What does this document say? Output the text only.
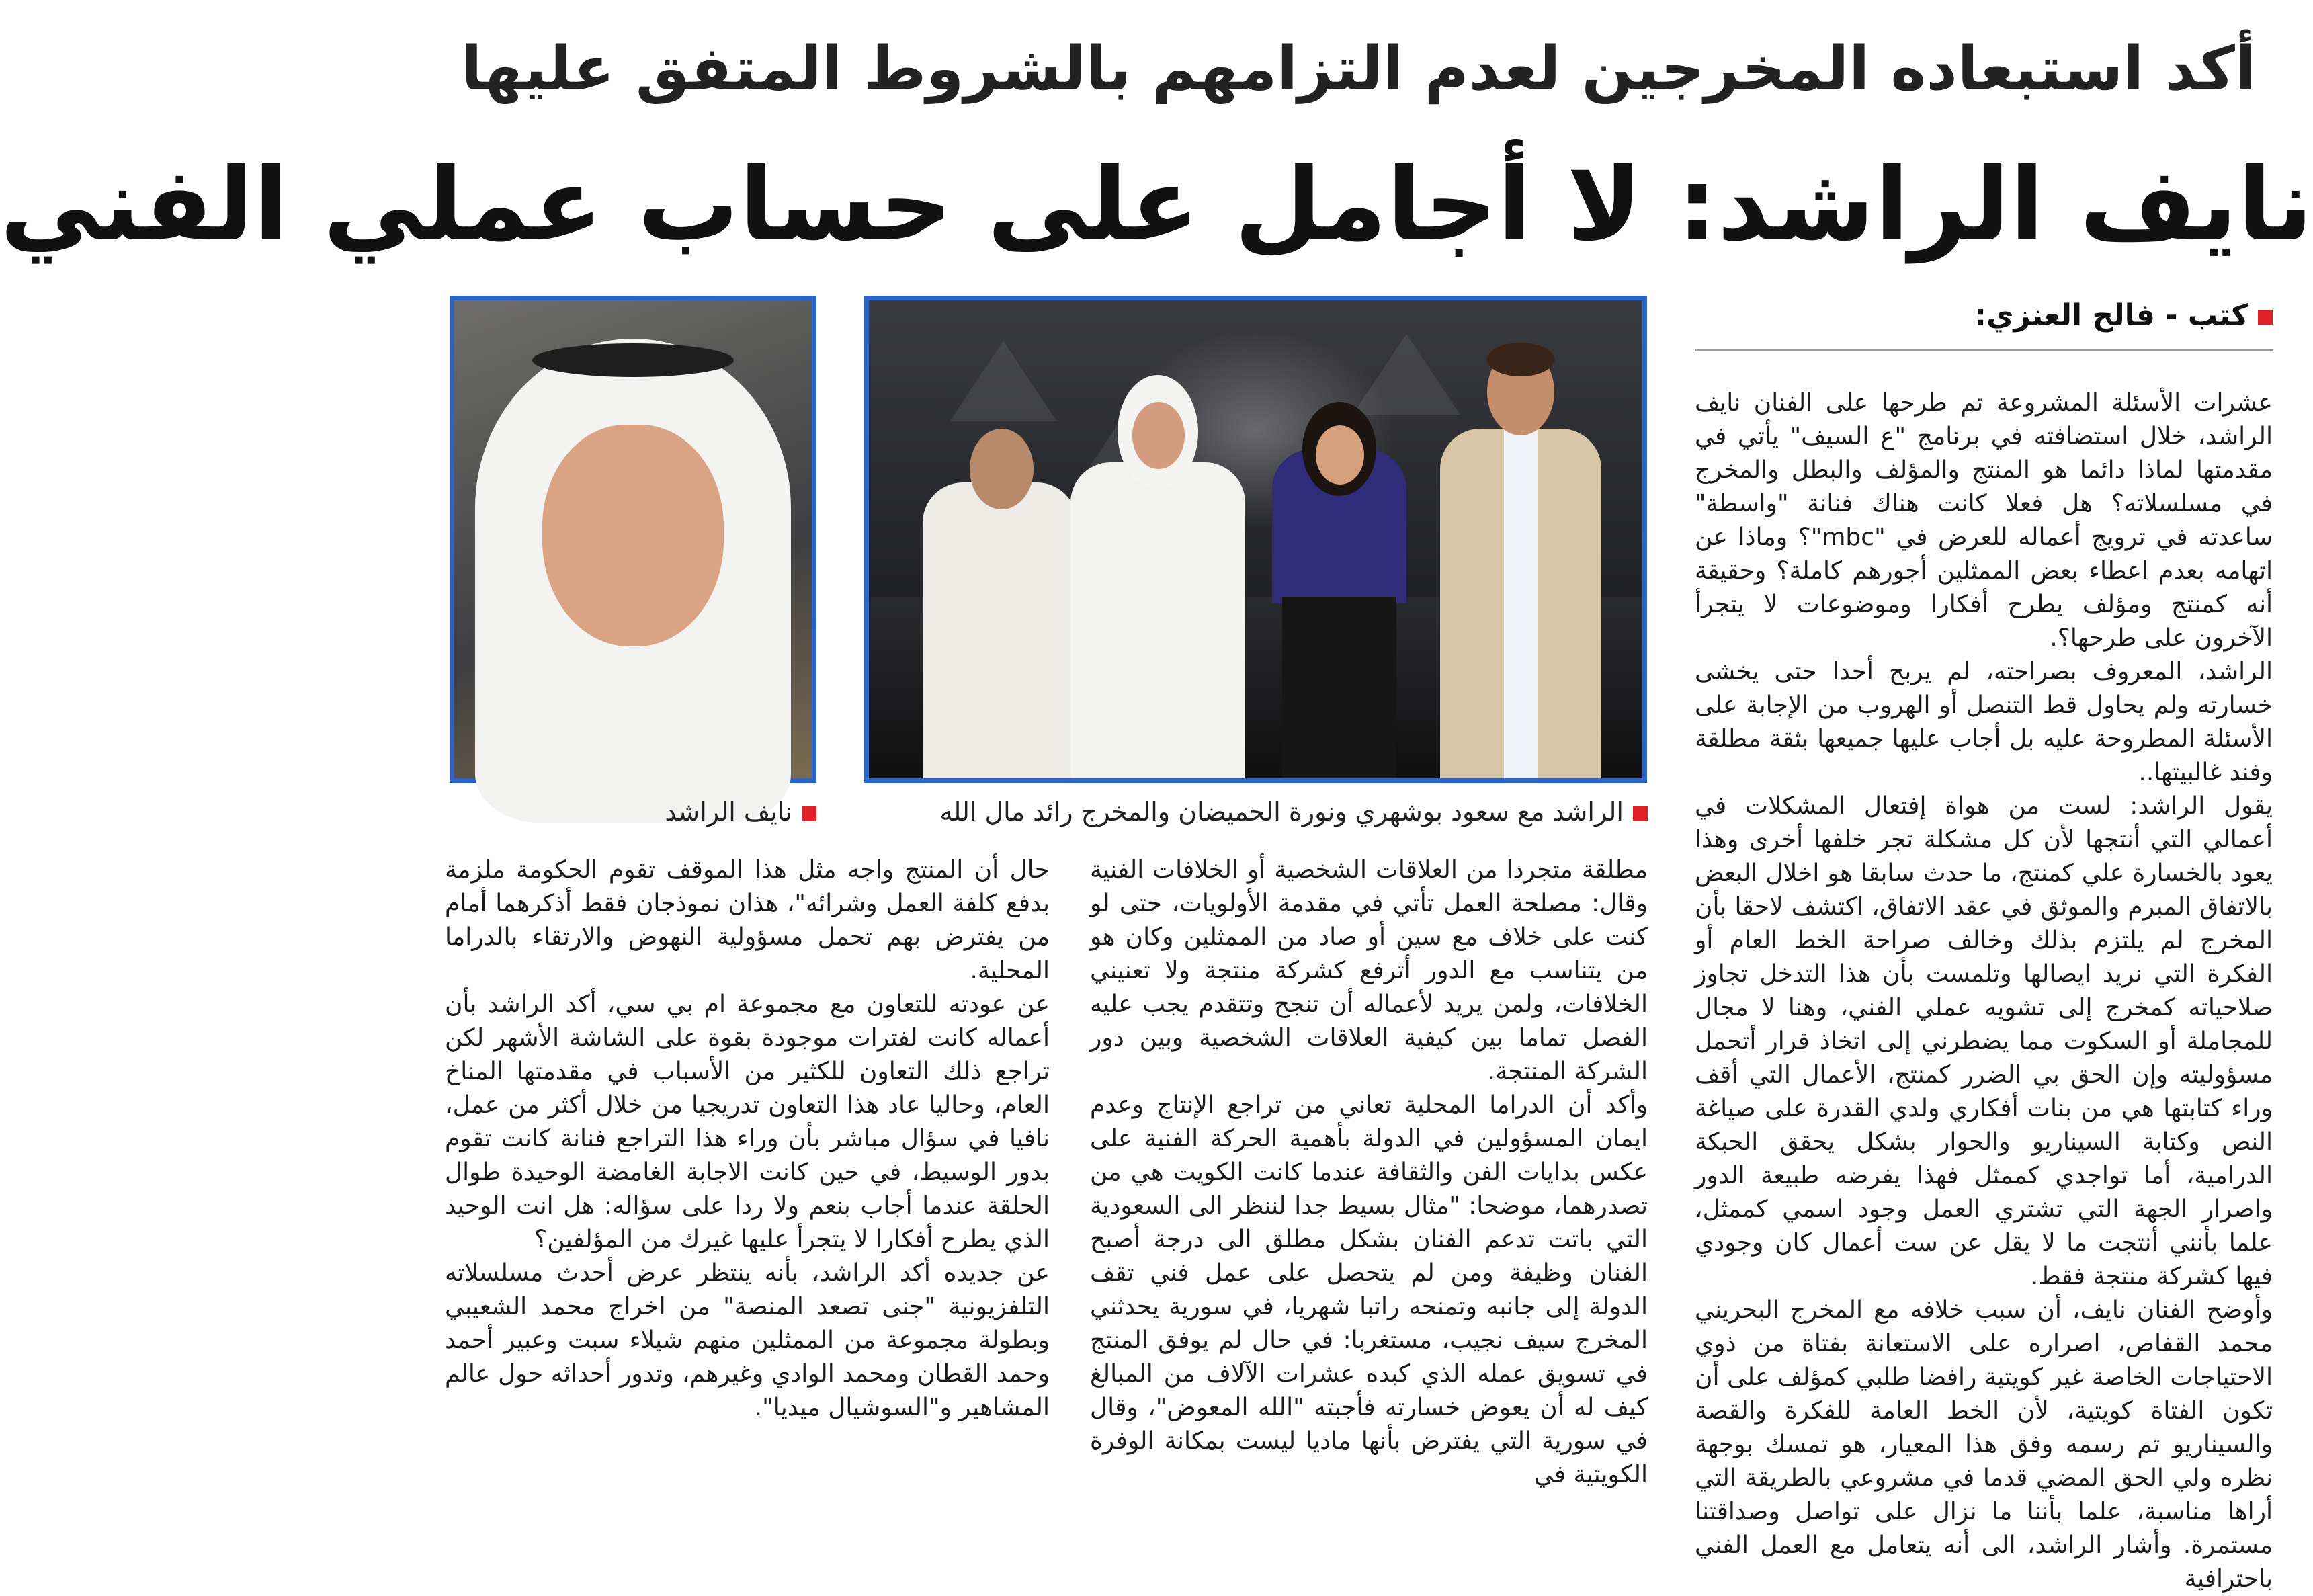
أكد استبعاده المخرجين لعدم التزامهم بالشروط المتفق عليها
نايف الراشد: لا أجامل على حساب عملي الفني
كتب - فالح العنزي:
الراشد مع سعود بوشهري ونورة الحميضان والمخرج رائد مال الله
نايف الراشد

عشرات الأسئلة المشروعة تم طرحها على الفنان نايف الراشد، خلال استضافته في برنامج "ع السيف" يأتي في مقدمتها لماذا دائما هو المنتج والمؤلف والبطل والمخرج في مسلسلاته؟ هل فعلا كانت هناك فنانة "واسطة" ساعدته في ترويج أعماله للعرض في "mbc"؟ وماذا عن اتهامه بعدم اعطاء بعض الممثلين أجورهم كاملة؟ وحقيقة أنه كمنتج ومؤلف يطرح أفكارا وموضوعات لا يتجرأ الآخرون على طرحها؟.

الراشد، المعروف بصراحته، لم يربح أحدا حتى يخشى خسارته ولم يحاول قط التنصل أو الهروب من الإجابة على الأسئلة المطروحة عليه بل أجاب عليها جميعها بثقة مطلقة وفند غالبيتها..

يقول الراشد: لست من هواة إفتعال المشكلات في أعمالي التي أنتجها لأن كل مشكلة تجر خلفها أخرى وهذا يعود بالخسارة علي كمنتج، ما حدث سابقا هو اخلال البعض بالاتفاق المبرم والموثق في عقد الاتفاق، اكتشف لاحقا بأن المخرج لم يلتزم بذلك وخالف صراحة الخط العام أو الفكرة التي نريد ايصالها وتلمست بأن هذا التدخل تجاوز صلاحياته كمخرج إلى تشويه عملي الفني، وهنا لا مجال للمجاملة أو السكوت مما يضطرني إلى اتخاذ قرار أتحمل مسؤوليته وإن الحق بي الضرر كمنتج، الأعمال التي أقف وراء كتابتها هي من بنات أفكاري ولدي القدرة على صياغة النص وكتابة السيناريو والحوار بشكل يحقق الحبكة الدرامية، أما تواجدي كممثل فهذا يفرضه طبيعة الدور واصرار الجهة التي تشتري العمل وجود اسمي كممثل، علما بأنني أنتجت ما لا يقل عن ست أعمال كان وجودي فيها كشركة منتجة فقط.

وأوضح الفنان نايف، أن سبب خلافه مع المخرج البحريني محمد القفاص، اصراره على الاستعانة بفتاة من ذوي الاحتياجات الخاصة غير كويتية رافضا طلبي كمؤلف على أن تكون الفتاة كويتية، لأن الخط العامة للفكرة والقصة والسيناريو تم رسمه وفق هذا المعيار، هو تمسك بوجهة نظره ولي الحق المضي قدما في مشروعي بالطريقة التي أراها مناسبة، علما بأننا ما نزال على تواصل وصداقتنا مستمرة. وأشار الراشد، الى أنه يتعامل مع العمل الفني باحترافية

مطلقة متجردا من العلاقات الشخصية أو الخلافات الفنية وقال: مصلحة العمل تأتي في مقدمة الأولويات، حتى لو كنت على خلاف مع سين أو صاد من الممثلين وكان هو من يتناسب مع الدور أترفع كشركة منتجة ولا تعنيني الخلافات، ولمن يريد لأعماله أن تنجح وتتقدم يجب عليه الفصل تماما بين كيفية العلاقات الشخصية وبين دور الشركة المنتجة.

وأكد أن الدراما المحلية تعاني من تراجع الإنتاج وعدم ايمان المسؤولين في الدولة بأهمية الحركة الفنية على عكس بدايات الفن والثقافة عندما كانت الكويت هي من تصدرهما، موضحا: "مثال بسيط جدا لننظر الى السعودية التي باتت تدعم الفنان بشكل مطلق الى درجة أصبح الفنان وظيفة ومن لم يتحصل على عمل فني تقف الدولة إلى جانبه وتمنحه راتبا شهريا، في سورية يحدثني المخرج سيف نجيب، مستغربا: في حال لم يوفق المنتج في تسويق عمله الذي كبده عشرات الآلاف من المبالغ كيف له أن يعوض خسارته فأجبته "الله المعوض"، وقال في سورية التي يفترض بأنها ماديا ليست بمكانة الوفرة الكويتية في

حال أن المنتج واجه مثل هذا الموقف تقوم الحكومة ملزمة بدفع كلفة العمل وشرائه"، هذان نموذجان فقط أذكرهما أمام من يفترض بهم تحمل مسؤولية النهوض والارتقاء بالدراما المحلية.

عن عودته للتعاون مع مجموعة ام بي سي، أكد الراشد بأن أعماله كانت لفترات موجودة بقوة على الشاشة الأشهر لكن تراجع ذلك التعاون للكثير من الأسباب في مقدمتها المناخ العام، وحاليا عاد هذا التعاون تدريجيا من خلال أكثر من عمل، نافيا في سؤال مباشر بأن وراء هذا التراجع فنانة كانت تقوم بدور الوسيط، في حين كانت الاجابة الغامضة الوحيدة طوال الحلقة عندما أجاب بنعم ولا ردا على سؤاله: هل انت الوحيد الذي يطرح أفكارا لا يتجرأ عليها غيرك من المؤلفين؟

عن جديده أكد الراشد، بأنه ينتظر عرض أحدث مسلسلاته التلفزيونية "جنى تصعد المنصة" من اخراج محمد الشعيبي وبطولة مجموعة من الممثلين منهم شيلاء سبت وعبير أحمد وحمد القطان ومحمد الوادي وغيرهم، وتدور أحداثه حول عالم المشاهير و"السوشيال ميديا".
